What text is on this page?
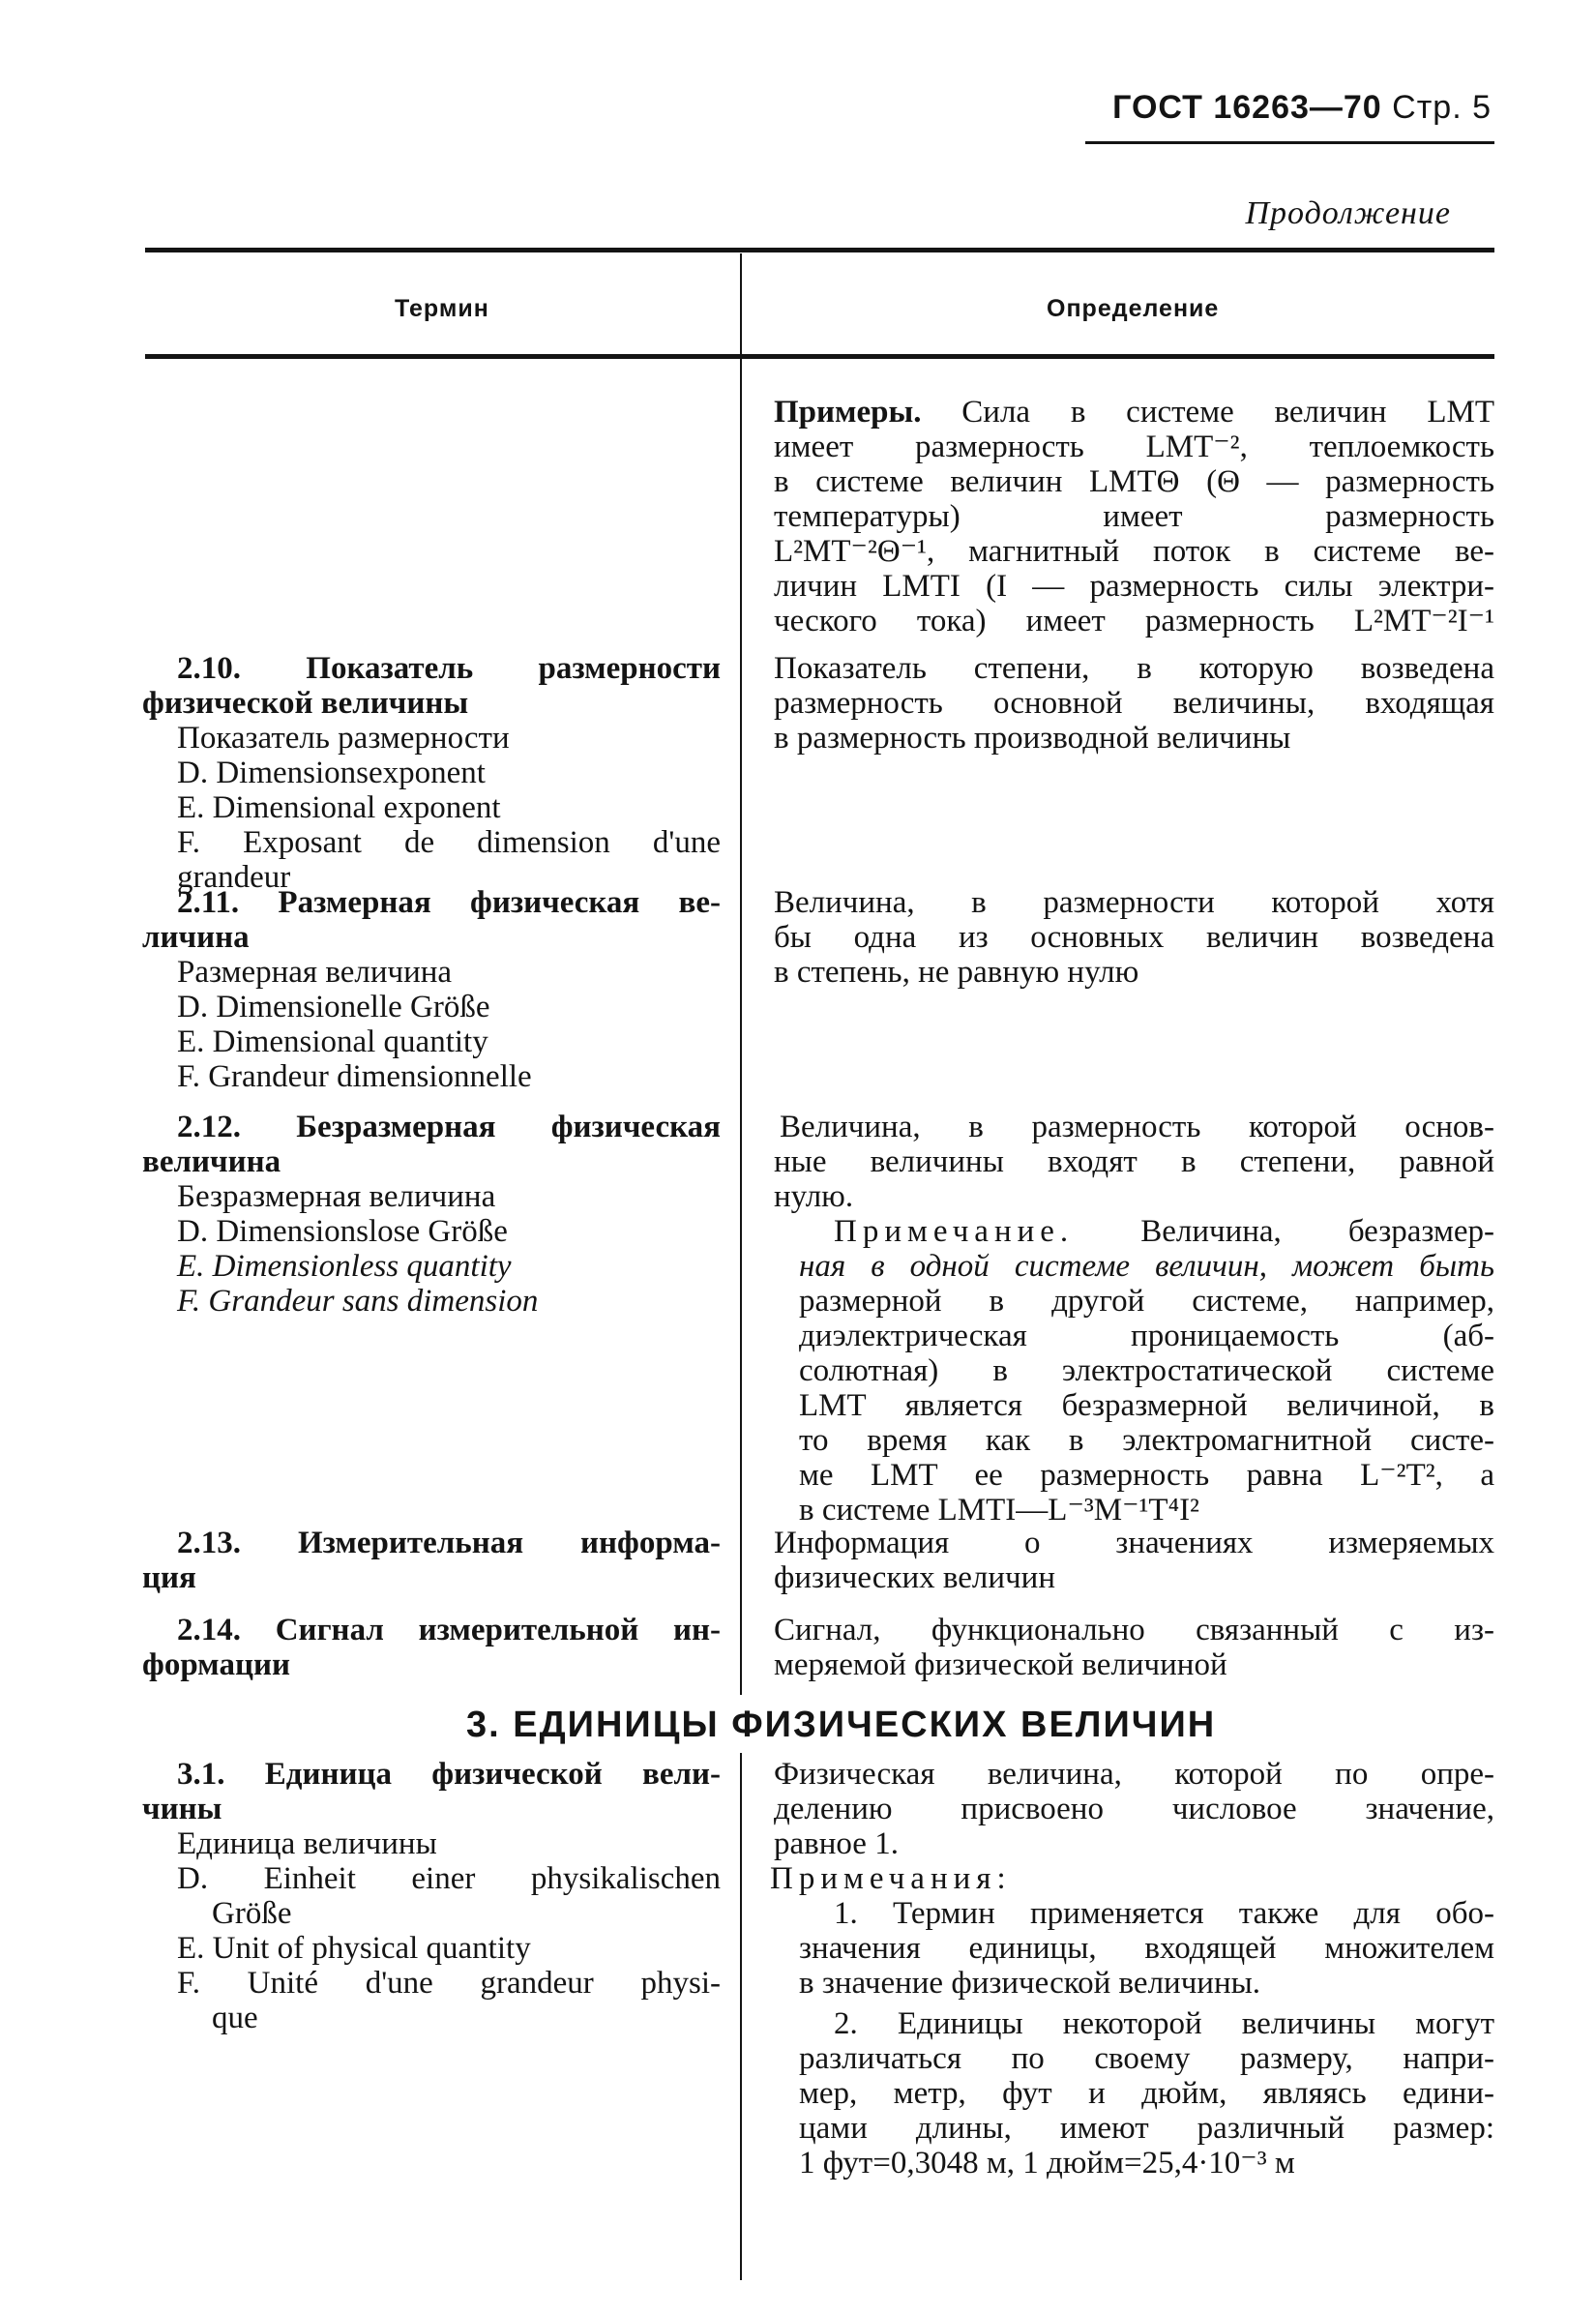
ГОСТ 16263—70 Стр. 5
Продолжение
Термин	Определение
Примеры. Сила в системе величин LMT
имеет размерность LMT⁻², теплоемкость
в системе величин LMTΘ (Θ — размерность
температуры) имеет размерность
L²MT⁻²Θ⁻¹, магнитный поток в системе ве-
личин LMTI (I — размерность силы электри-
ческого тока) имеет размерность L²MT⁻²I⁻¹
2.10. Показатель размерности
физической величины
Показатель размерности
D. Dimensionsexponent
E. Dimensional exponent
F. Exposant de dimension d'une
grandeur
Показатель степени, в которую возведена
размерность основной величины, входящая
в размерность производной величины
2.11. Размерная физическая ве-
личина
Размерная величина
D. Dimensionelle Größe
E. Dimensional quantity
F. Grandeur dimensionnelle
Величина, в размерности которой хотя
бы одна из основных величин возведена
в степень, не равную нулю
2.12. Безразмерная физическая
величина
Безразмерная величина
D. Dimensionslose Größe
E. Dimensionless quantity
F. Grandeur sans dimension
Величина, в размерность которой основ-
ные величины входят в степени, равной
нулю.
Примечание. Величина, безразмер-
ная в одной системе величин, может быть
размерной в другой системе, например,
диэлектрическая проницаемость (аб-
солютная) в электростатической системе
LMT является безразмерной величиной, в
то время как в электромагнитной систе-
ме LMT ее размерность равна L⁻²T², а
в системе LMTI—L⁻³M⁻¹T⁴I²
2.13. Измерительная информа-
ция
Информация о значениях измеряемых
физических величин
2.14. Сигнал измерительной ин-
формации
Сигнал, функционально связанный с из-
меряемой физической величиной
3. ЕДИНИЦЫ ФИЗИЧЕСКИХ ВЕЛИЧИН
3.1. Единица физической вели-
чины
Единица величины
D. Einheit einer physikalischen
Größe
E. Unit of physical quantity
F. Unité d'une grandeur physi-
que
Физическая величина, которой по опре-
делению присвоено числовое значение,
равное 1.
Примечания:
1. Термин применяется также для обо-
значения единицы, входящей множителем
в значение физической величины.
2. Единицы некоторой величины могут
различаться по своему размеру, напри-
мер, метр, фут и дюйм, являясь едини-
цами длины, имеют различный размер:
1 фут=0,3048 м, 1 дюйм=25,4·10⁻³ м
